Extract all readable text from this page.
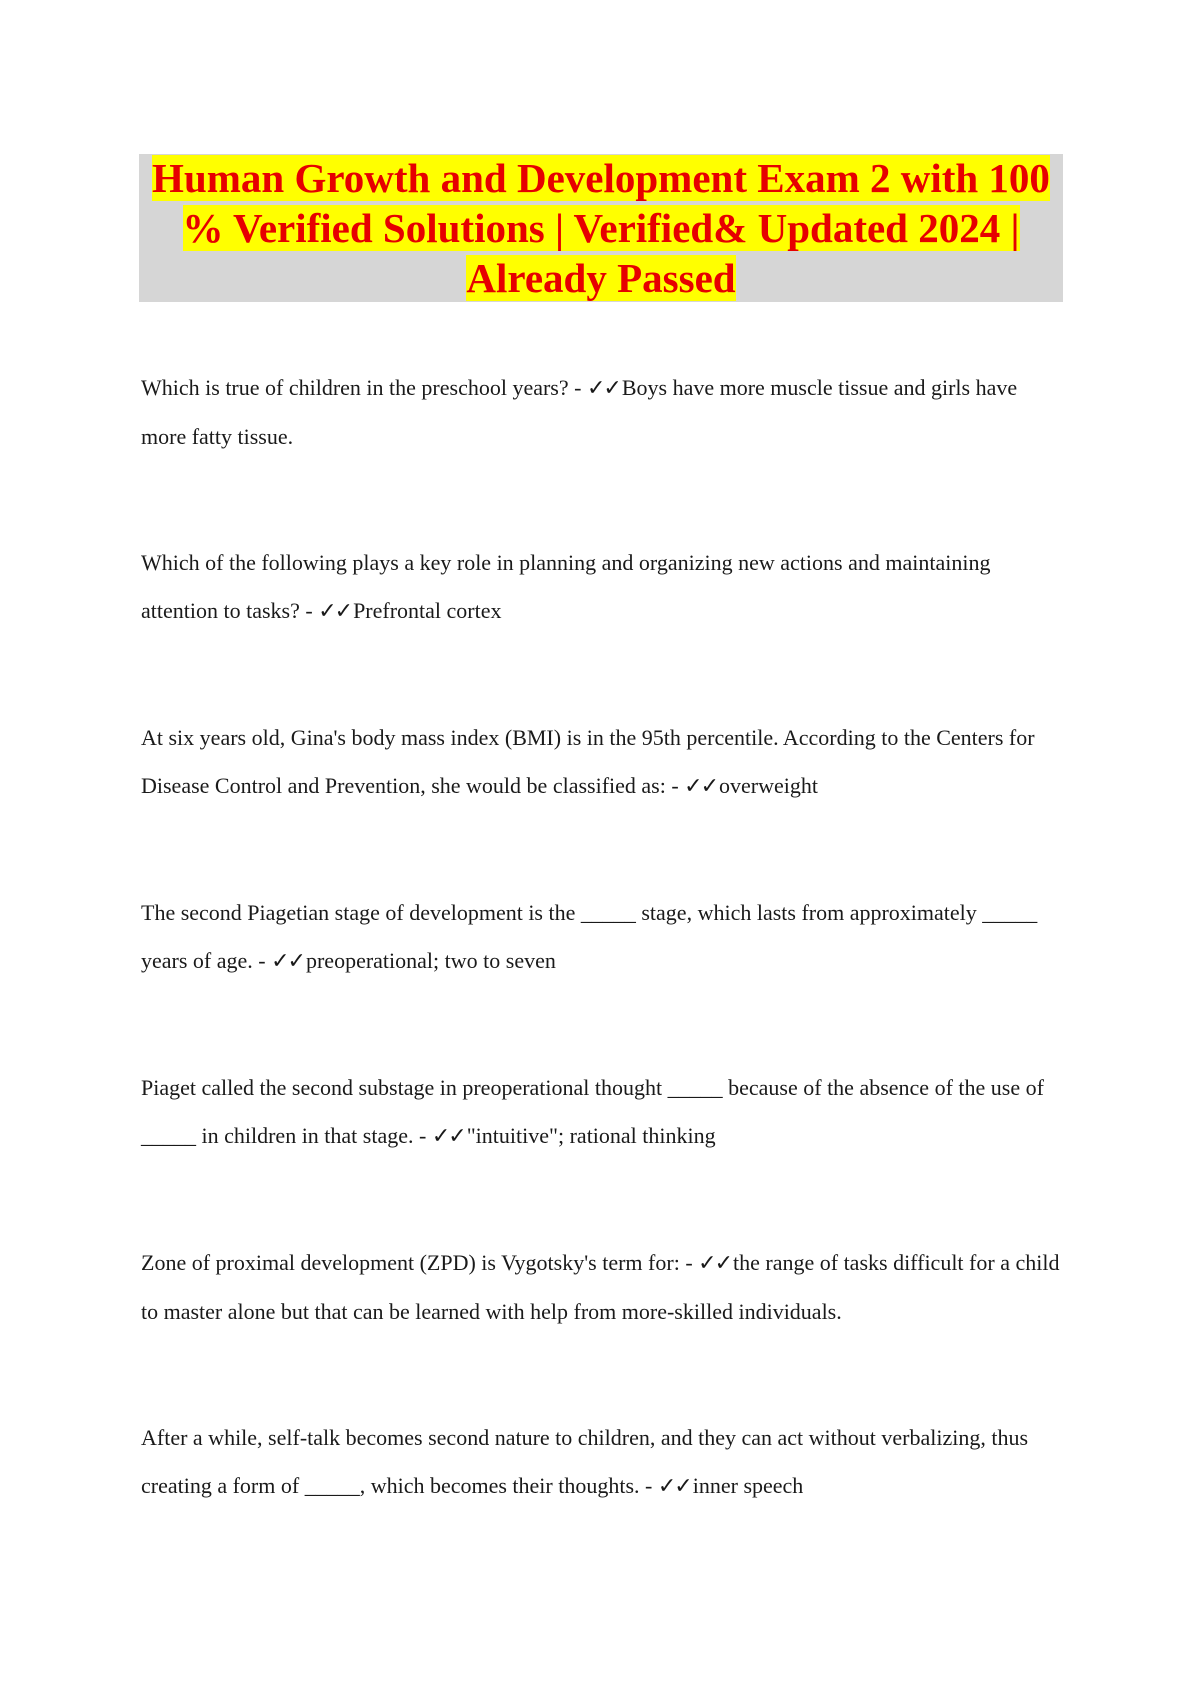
Human Growth and Development Exam 2 with 100 % Verified Solutions | Verified& Updated 2024 | Already Passed

Which is true of children in the preschool years? - ✓✓Boys have more muscle tissue and girls have more fatty tissue.

Which of the following plays a key role in planning and organizing new actions and maintaining attention to tasks? - ✓✓Prefrontal cortex

At six years old, Gina's body mass index (BMI) is in the 95th percentile. According to the Centers for Disease Control and Prevention, she would be classified as: - ✓✓overweight

The second Piagetian stage of development is the _____ stage, which lasts from approximately _____ years of age. - ✓✓preoperational; two to seven

Piaget called the second substage in preoperational thought _____ because of the absence of the use of _____ in children in that stage. - ✓✓"intuitive"; rational thinking

Zone of proximal development (ZPD) is Vygotsky's term for: - ✓✓the range of tasks difficult for a child to master alone but that can be learned with help from more-skilled individuals.

After a while, self-talk becomes second nature to children, and they can act without verbalizing, thus creating a form of _____, which becomes their thoughts. - ✓✓inner speech
